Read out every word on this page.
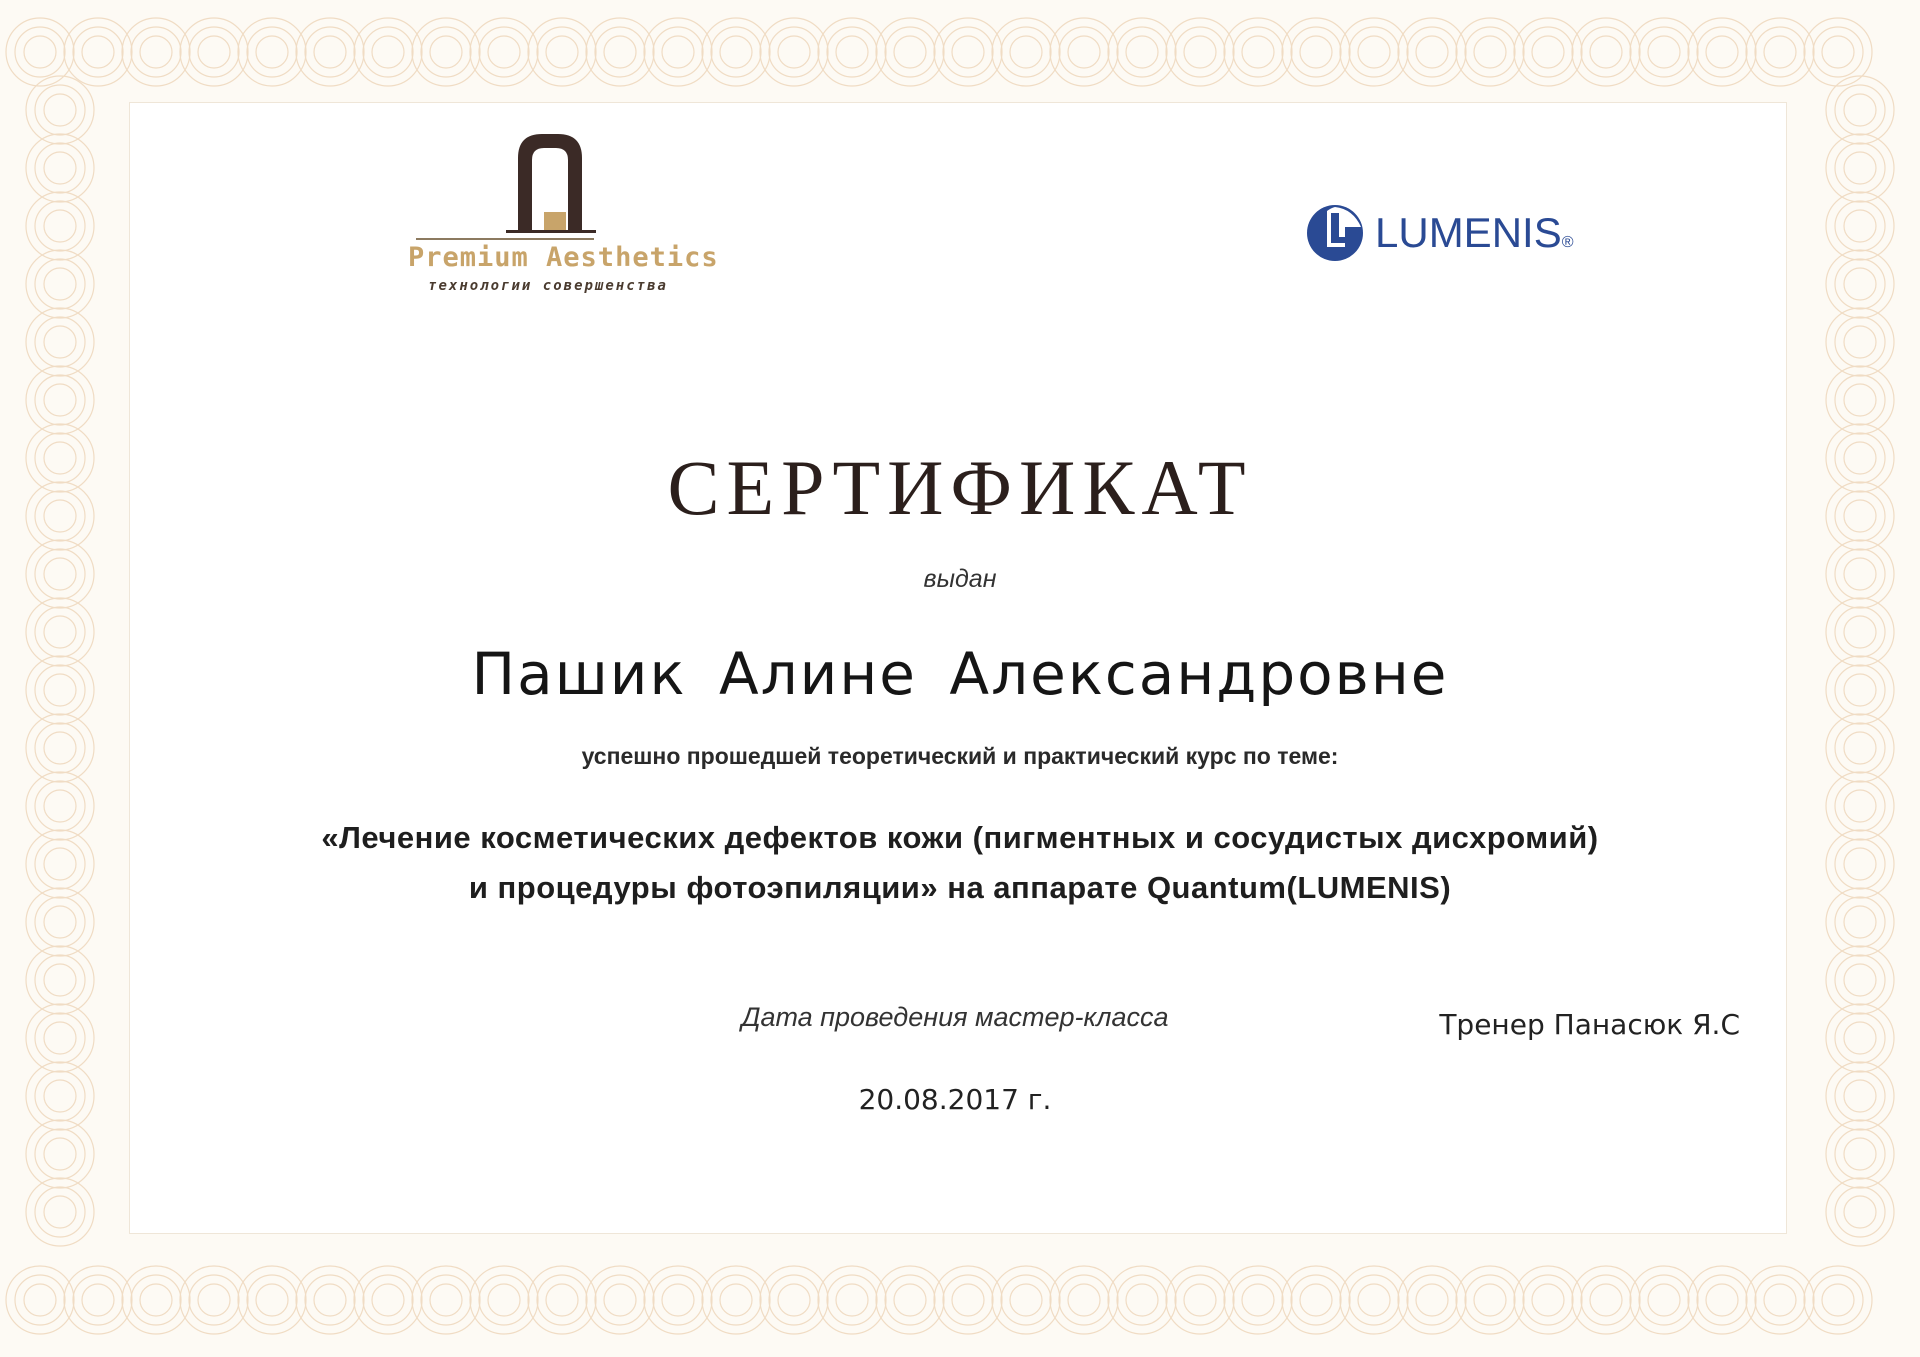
Premium Aesthetics
технологии совершенства
LUMENIS®
СЕРТИФИКАТ
выдан
Пашик Алине Александровне
успешно прошедшей теоретический и практический курс по теме:
«Лечение косметических дефектов кожи (пигментных и сосудистых дисхромий)
и процедуры фотоэпиляции» на аппарате Quantum(LUMENIS)
Дата проведения мастер-класса
20.08.2017 г.
Тренер Панасюк Я.С
